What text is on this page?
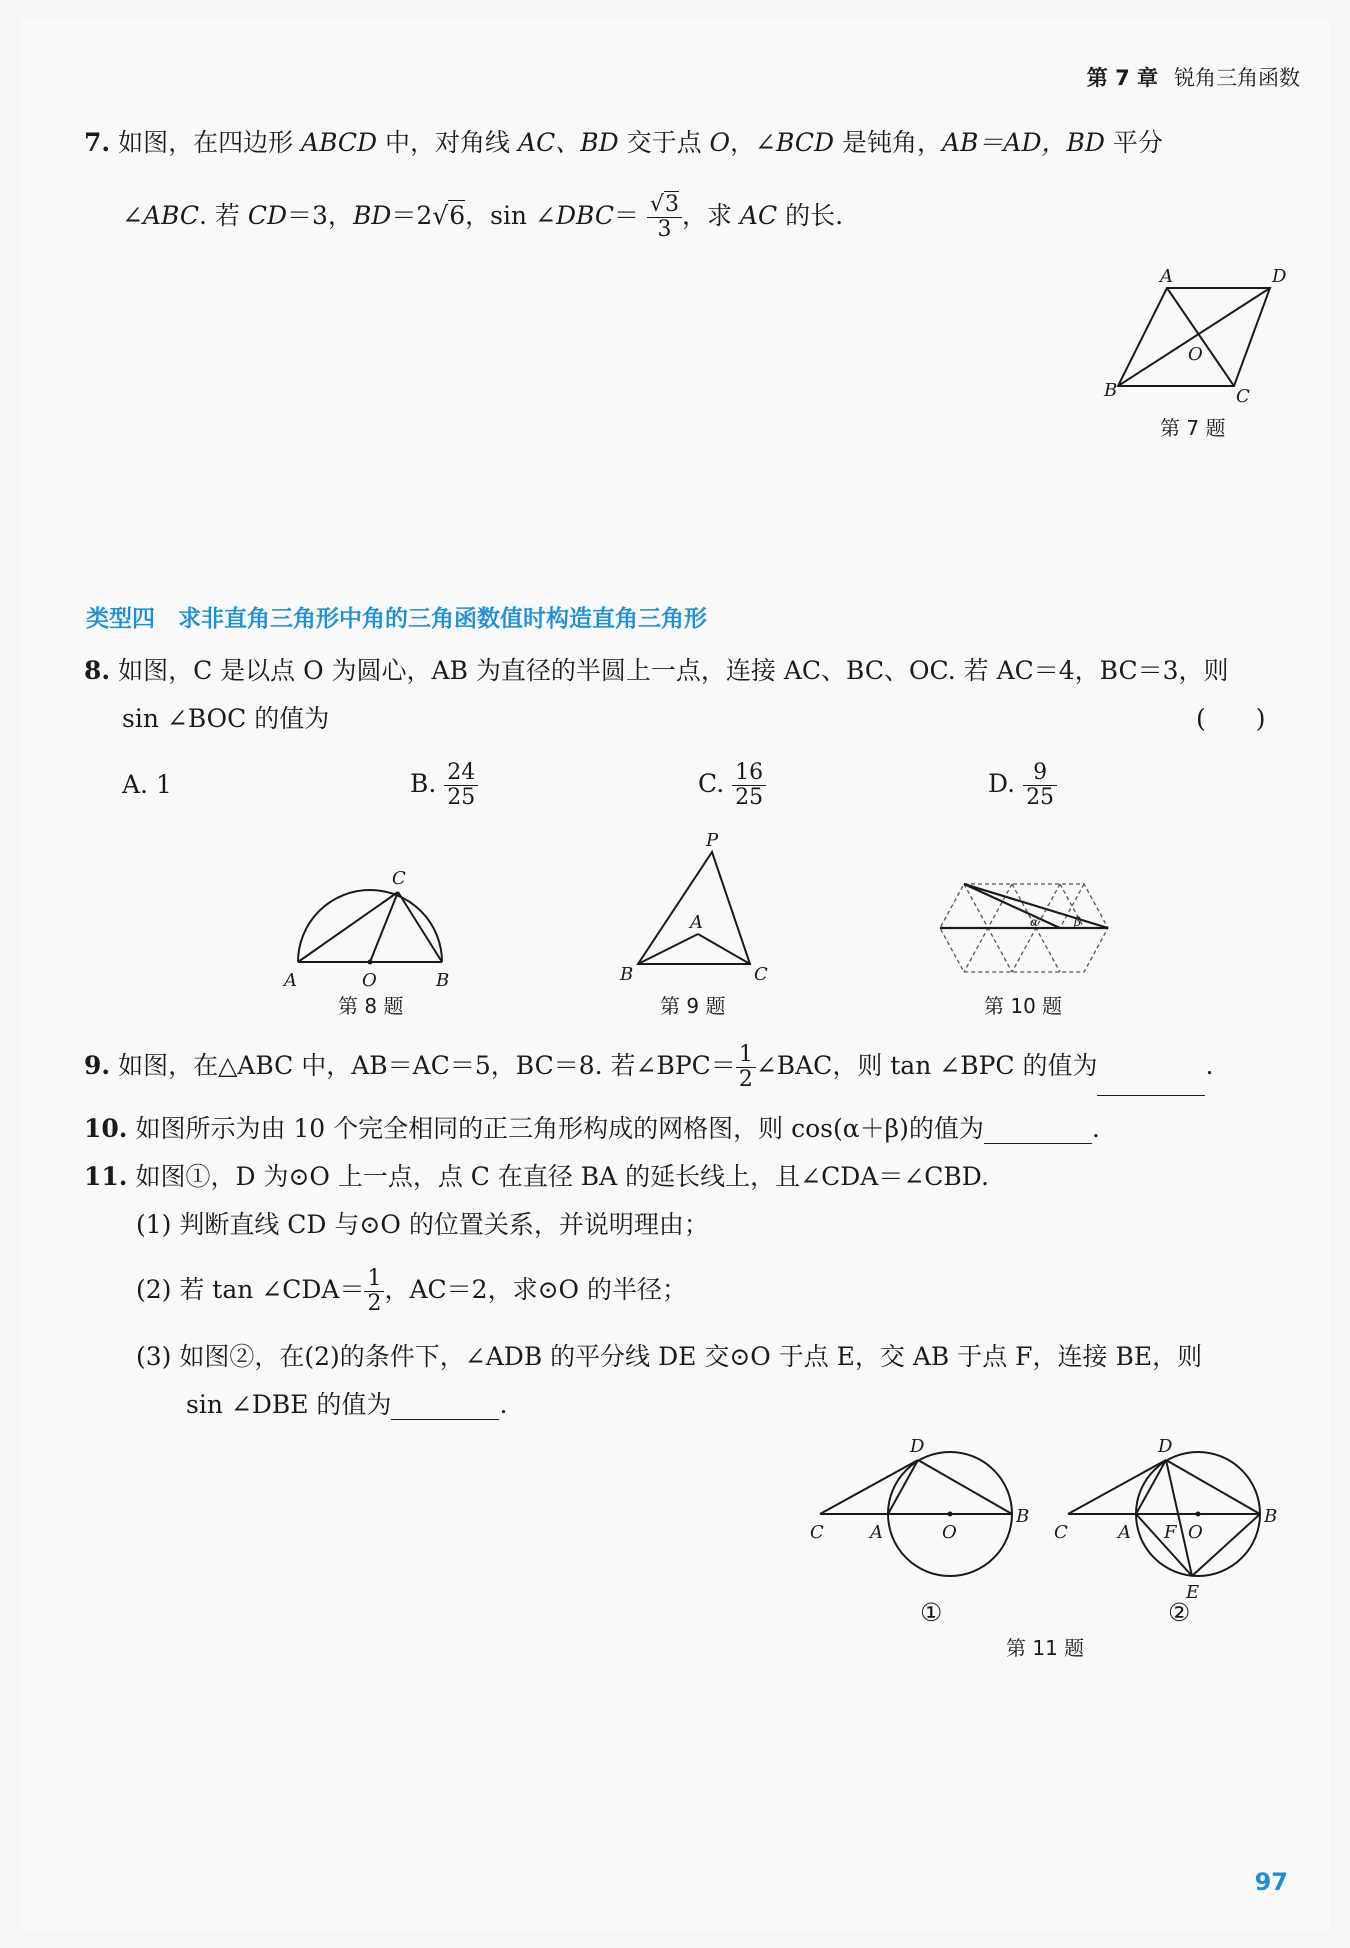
第 7 章 锐角三角函数
7. 如图，在四边形 ABCD 中，对角线 AC、BD 交于点 O，∠BCD 是钝角，AB＝AD，BD 平分
∠ABC. 若 CD＝3，BD＝2√6，sin ∠DBC＝ $\frac{√3}{3}$ ，求 AC 的长.
A	D
B	C
O
第 7 题
类型四　求非直角三角形中角的三角函数值时构造直角三角形
8. 如图，C 是以点 O 为圆心，AB 为直径的半圆上一点，连接 AC、BC、OC. 若 AC＝4，BC＝3，则
sin ∠BOC 的值为	(　　)
A. 1	B. $\frac{24}{25}$	C. $\frac{16}{25}$	D. $\frac{9}{25}$
A	B
C
O
第 8 题
P
A
B	C
第 9 题
α	β
第 10 题
9. 如图，在△ABC 中，AB＝AC＝5，BC＝8. 若∠BPC＝ $\frac{1}{2}$ ∠BAC，则 tan ∠BPC 的值为	.
10. 如图所示为由 10 个完全相同的正三角形构成的网格图，则 cos(α＋β)的值为	.
11. 如图①，D 为⊙O 上一点，点 C 在直径 BA 的延长线上，且∠CDA＝∠CBD.
(1) 判断直线 CD 与⊙O 的位置关系，并说明理由；
(2) 若 tan ∠CDA＝ $\frac{1}{2}$ ，AC＝2，求⊙O 的半径；
(3) 如图②，在(2)的条件下，∠ADB 的平分线 DE 交⊙O 于点 E，交 AB 于点 F，连接 BE，则
sin ∠DBE 的值为	.
C	A	O
B
D
①
C	A F O
B
D
E
②
第 11 题
97
